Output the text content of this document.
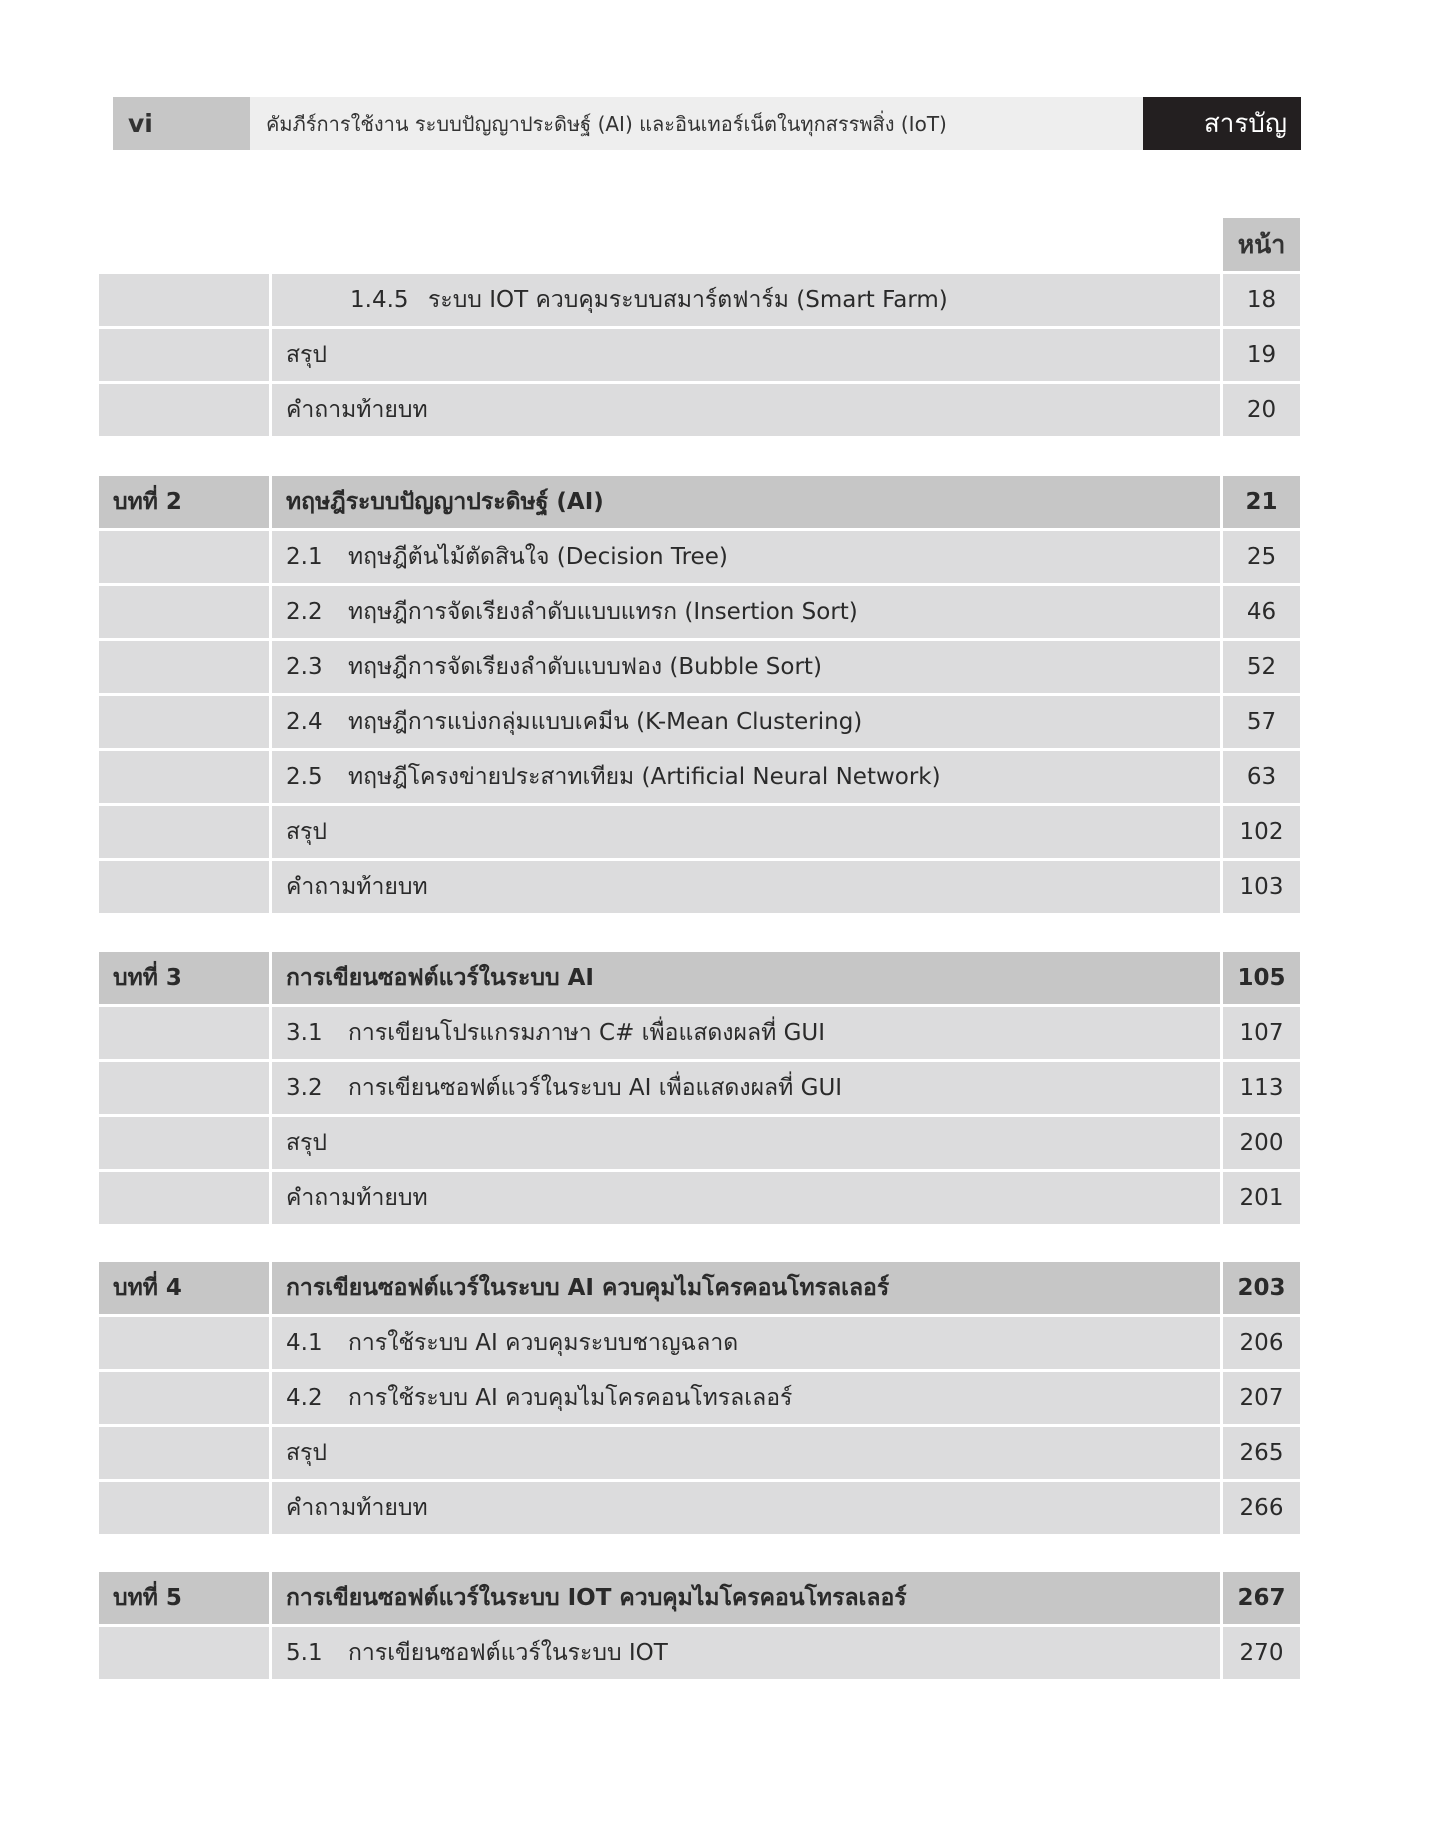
vi	คัมภีร์การใช้งาน ระบบปัญญาประดิษฐ์ (AI) และอินเทอร์เน็ตในทุกสรรพสิ่ง (IoT)	สารบัญ
หน้า
1.4.5 ระบบ IOT ควบคุมระบบสมาร์ตฟาร์ม (Smart Farm)	18
สรุป	19
คำถามท้ายบท	20
บทที่ 2	ทฤษฎีระบบปัญญาประดิษฐ์ (AI)	21
2.1	ทฤษฎีต้นไม้ตัดสินใจ (Decision Tree)	25
2.2	ทฤษฎีการจัดเรียงลำดับแบบแทรก (Insertion Sort)	46
2.3	ทฤษฎีการจัดเรียงลำดับแบบฟอง (Bubble Sort)	52
2.4	ทฤษฎีการแบ่งกลุ่มแบบเคมีน (K-Mean Clustering)	57
2.5	ทฤษฎีโครงข่ายประสาทเทียม (Artificial Neural Network)	63
สรุป	102
คำถามท้ายบท	103
บทที่ 3	การเขียนซอฟต์แวร์ในระบบ AI	105
3.1	การเขียนโปรแกรมภาษา C# เพื่อแสดงผลที่ GUI	107
3.2	การเขียนซอฟต์แวร์ในระบบ AI เพื่อแสดงผลที่ GUI	113
สรุป	200
คำถามท้ายบท	201
บทที่ 4	การเขียนซอฟต์แวร์ในระบบ AI ควบคุมไมโครคอนโทรลเลอร์	203
4.1	การใช้ระบบ AI ควบคุมระบบชาญฉลาด	206
4.2	การใช้ระบบ AI ควบคุมไมโครคอนโทรลเลอร์	207
สรุป	265
คำถามท้ายบท	266
บทที่ 5	การเขียนซอฟต์แวร์ในระบบ IOT ควบคุมไมโครคอนโทรลเลอร์	267
5.1	การเขียนซอฟต์แวร์ในระบบ IOT	270
